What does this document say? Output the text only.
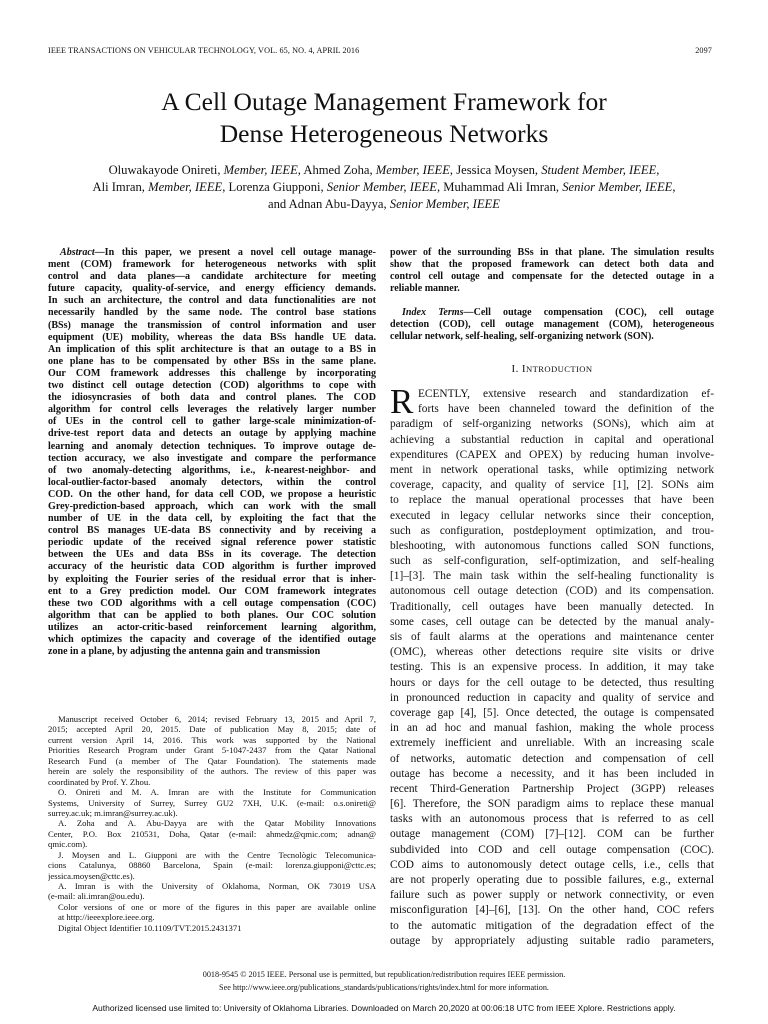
IEEE TRANSACTIONS ON VEHICULAR TECHNOLOGY, VOL. 65, NO. 4, APRIL 2016	2097
A Cell Outage Management Framework for
Dense Heterogeneous Networks
Oluwakayode Onireti, Member, IEEE, Ahmed Zoha, Member, IEEE, Jessica Moysen, Student Member, IEEE,
Ali Imran, Member, IEEE, Lorenza Giupponi, Senior Member, IEEE, Muhammad Ali Imran, Senior Member, IEEE,
and Adnan Abu-Dayya, Senior Member, IEEE
Abstract—In this paper, we present a novel cell outage manage-
ment (COM) framework for heterogeneous networks with split
control and data planes—a candidate architecture for meeting
future capacity, quality-of-service, and energy efficiency demands.
In such an architecture, the control and data functionalities are not
necessarily handled by the same node. The control base stations
(BSs) manage the transmission of control information and user
equipment (UE) mobility, whereas the data BSs handle UE data.
An implication of this split architecture is that an outage to a BS in
one plane has to be compensated by other BSs in the same plane.
Our COM framework addresses this challenge by incorporating
two distinct cell outage detection (COD) algorithms to cope with
the idiosyncrasies of both data and control planes. The COD
algorithm for control cells leverages the relatively larger number
of UEs in the control cell to gather large-scale minimization-of-
drive-test report data and detects an outage by applying machine
learning and anomaly detection techniques. To improve outage de-
tection accuracy, we also investigate and compare the performance
of two anomaly-detecting algorithms, i.e., k-nearest-neighbor- and
local-outlier-factor-based anomaly detectors, within the control
COD. On the other hand, for data cell COD, we propose a heuristic
Grey-prediction-based approach, which can work with the small
number of UE in the data cell, by exploiting the fact that the
control BS manages UE-data BS connectivity and by receiving a
periodic update of the received signal reference power statistic
between the UEs and data BSs in its coverage. The detection
accuracy of the heuristic data COD algorithm is further improved
by exploiting the Fourier series of the residual error that is inher-
ent to a Grey prediction model. Our COM framework integrates
these two COD algorithms with a cell outage compensation (COC)
algorithm that can be applied to both planes. Our COC solution
utilizes an actor-critic-based reinforcement learning algorithm,
which optimizes the capacity and coverage of the identified outage
zone in a plane, by adjusting the antenna gain and transmission
power of the surrounding BSs in that plane. The simulation results
show that the proposed framework can detect both data and
control cell outage and compensate for the detected outage in a
reliable manner.
Index Terms—Cell outage compensation (COC), cell outage
detection (COD), cell outage management (COM), heterogeneous
cellular network, self-healing, self-organizing network (SON).
I. INTRODUCTION
R ECENTLY, extensive research and standardization ef-
forts have been channeled toward the definition of the
paradigm of self-organizing networks (SONs), which aim at
achieving a substantial reduction in capital and operational
expenditures (CAPEX and OPEX) by reducing human involve-
ment in network operational tasks, while optimizing network
coverage, capacity, and quality of service [1], [2]. SONs aim
to replace the manual operational processes that have been
executed in legacy cellular networks since their conception,
such as configuration, postdeployment optimization, and trou-
bleshooting, with autonomous functions called SON functions,
such as self-configuration, self-optimization, and self-healing
[1]–[3]. The main task within the self-healing functionality is
autonomous cell outage detection (COD) and its compensation.
Traditionally, cell outages have been manually detected. In
some cases, cell outage can be detected by the manual analy-
sis of fault alarms at the operations and maintenance center
(OMC), whereas other detections require site visits or drive
testing. This is an expensive process. In addition, it may take
hours or days for the cell outage to be detected, thus resulting
in pronounced reduction in capacity and quality of service and
coverage gap [4], [5]. Once detected, the outage is compensated
in an ad hoc and manual fashion, making the whole process
extremely inefficient and unreliable. With an increasing scale
of networks, automatic detection and compensation of cell
outage has become a necessity, and it has been included in
recent Third-Generation Partnership Project (3GPP) releases
[6]. Therefore, the SON paradigm aims to replace these manual
tasks with an autonomous process that is referred to as cell
outage management (COM) [7]–[12]. COM can be further
subdivided into COD and cell outage compensation (COC).
COD aims to autonomously detect outage cells, i.e., cells that
are not properly operating due to possible failures, e.g., external
failure such as power supply or network connectivity, or even
misconfiguration [4]–[6], [13]. On the other hand, COC refers
to the automatic mitigation of the degradation effect of the
outage by appropriately adjusting suitable radio parameters,
Manuscript received October 6, 2014; revised February 13, 2015 and April 7,
2015; accepted April 20, 2015. Date of publication May 8, 2015; date of
current version April 14, 2016. This work was supported by the National
Priorities Research Program under Grant 5-1047-2437 from the Qatar National
Research Fund (a member of The Qatar Foundation). The statements made
herein are solely the responsibility of the authors. The review of this paper was
coordinated by Prof. Y. Zhou.
O. Onireti and M. A. Imran are with the Institute for Communication
Systems, University of Surrey, Surrey GU2 7XH, U.K. (e-mail: o.s.onireti@
surrey.ac.uk; m.imran@surrey.ac.uk).
A. Zoha and A. Abu-Dayya are with the Qatar Mobility Innovations
Center, P.O. Box 210531, Doha, Qatar (e-mail: ahmedz@qmic.com; adnan@
qmic.com).
J. Moysen and L. Giupponi are with the Centre Tecnològic Telecomunica-
cions Catalunya, 08860 Barcelona, Spain (e-mail: lorenza.giupponi@cttc.es;
jessica.moysen@cttc.es).
A. Imran is with the University of Oklahoma, Norman, OK 73019 USA
(e-mail: ali.imran@ou.edu).
Color versions of one or more of the figures in this paper are available online
at http://ieeexplore.ieee.org.
Digital Object Identifier 10.1109/TVT.2015.2431371
0018-9545 © 2015 IEEE. Personal use is permitted, but republication/redistribution requires IEEE permission.
See http://www.ieee.org/publications_standards/publications/rights/index.html for more information.
Authorized licensed use limited to: University of Oklahoma Libraries. Downloaded on March 20,2020 at 00:06:18 UTC from IEEE Xplore. Restrictions apply.
